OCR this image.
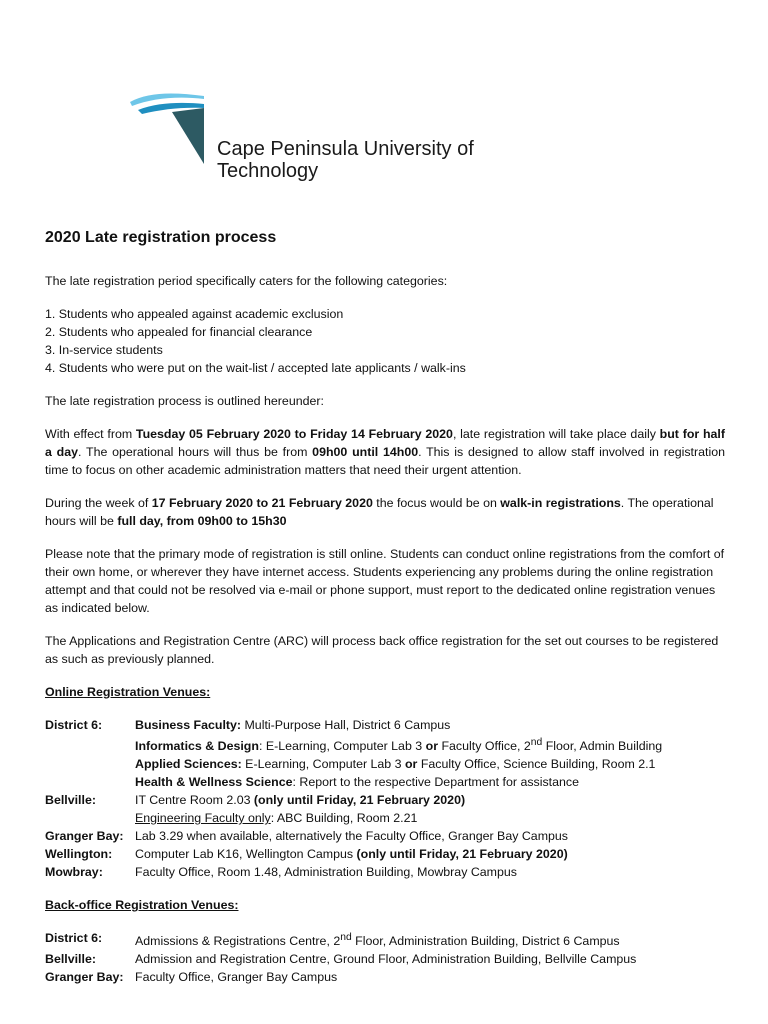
Cape Peninsula University of
Technology
2020 Late registration process

The late registration period specifically caters for the following categories:

1. Students who appealed against academic exclusion
2. Students who appealed for financial clearance
3. In-service students
4. Students who were put on the wait-list / accepted late applicants / walk-ins

The late registration process is outlined hereunder:

With effect from Tuesday 05 February 2020 to Friday 14 February 2020, late registration will take place daily but for half a day. The operational hours will thus be from 09h00 until 14h00. This is designed to allow staff involved in registration time to focus on other academic administration matters that need their urgent attention.

During the week of 17 February 2020 to 21 February 2020 the focus would be on walk-in registrations. The operational hours will be full day, from 09h00 to 15h30

Please note that the primary mode of registration is still online. Students can conduct online registrations from the comfort of their own home, or wherever they have internet access. Students experiencing any problems during the online registration attempt and that could not be resolved via e-mail or phone support, must report to the dedicated online registration venues as indicated below.

The Applications and Registration Centre (ARC) will process back office registration for the set out courses to be registered as such as previously planned.

Online Registration Venues:

District 6:	Business Faculty: Multi-Purpose Hall, District 6 Campus
Informatics & Design: E-Learning, Computer Lab 3 or Faculty Office, 2nd Floor, Admin Building
Applied Sciences: E-Learning, Computer Lab 3 or Faculty Office, Science Building, Room 2.1
Health & Wellness Science: Report to the respective Department for assistance
Bellville:	IT Centre Room 2.03 (only until Friday, 21 February 2020)
Engineering Faculty only: ABC Building, Room 2.21
Granger Bay: Lab 3.29 when available, alternatively the Faculty Office, Granger Bay Campus
Wellington:	Computer Lab K16, Wellington Campus (only until Friday, 21 February 2020)
Mowbray:	Faculty Office, Room 1.48, Administration Building, Mowbray Campus

Back-office Registration Venues:

District 6:	Admissions & Registrations Centre, 2nd Floor, Administration Building, District 6 Campus
Bellville:	Admission and Registration Centre, Ground Floor, Administration Building, Bellville Campus
Granger Bay: Faculty Office, Granger Bay Campus
